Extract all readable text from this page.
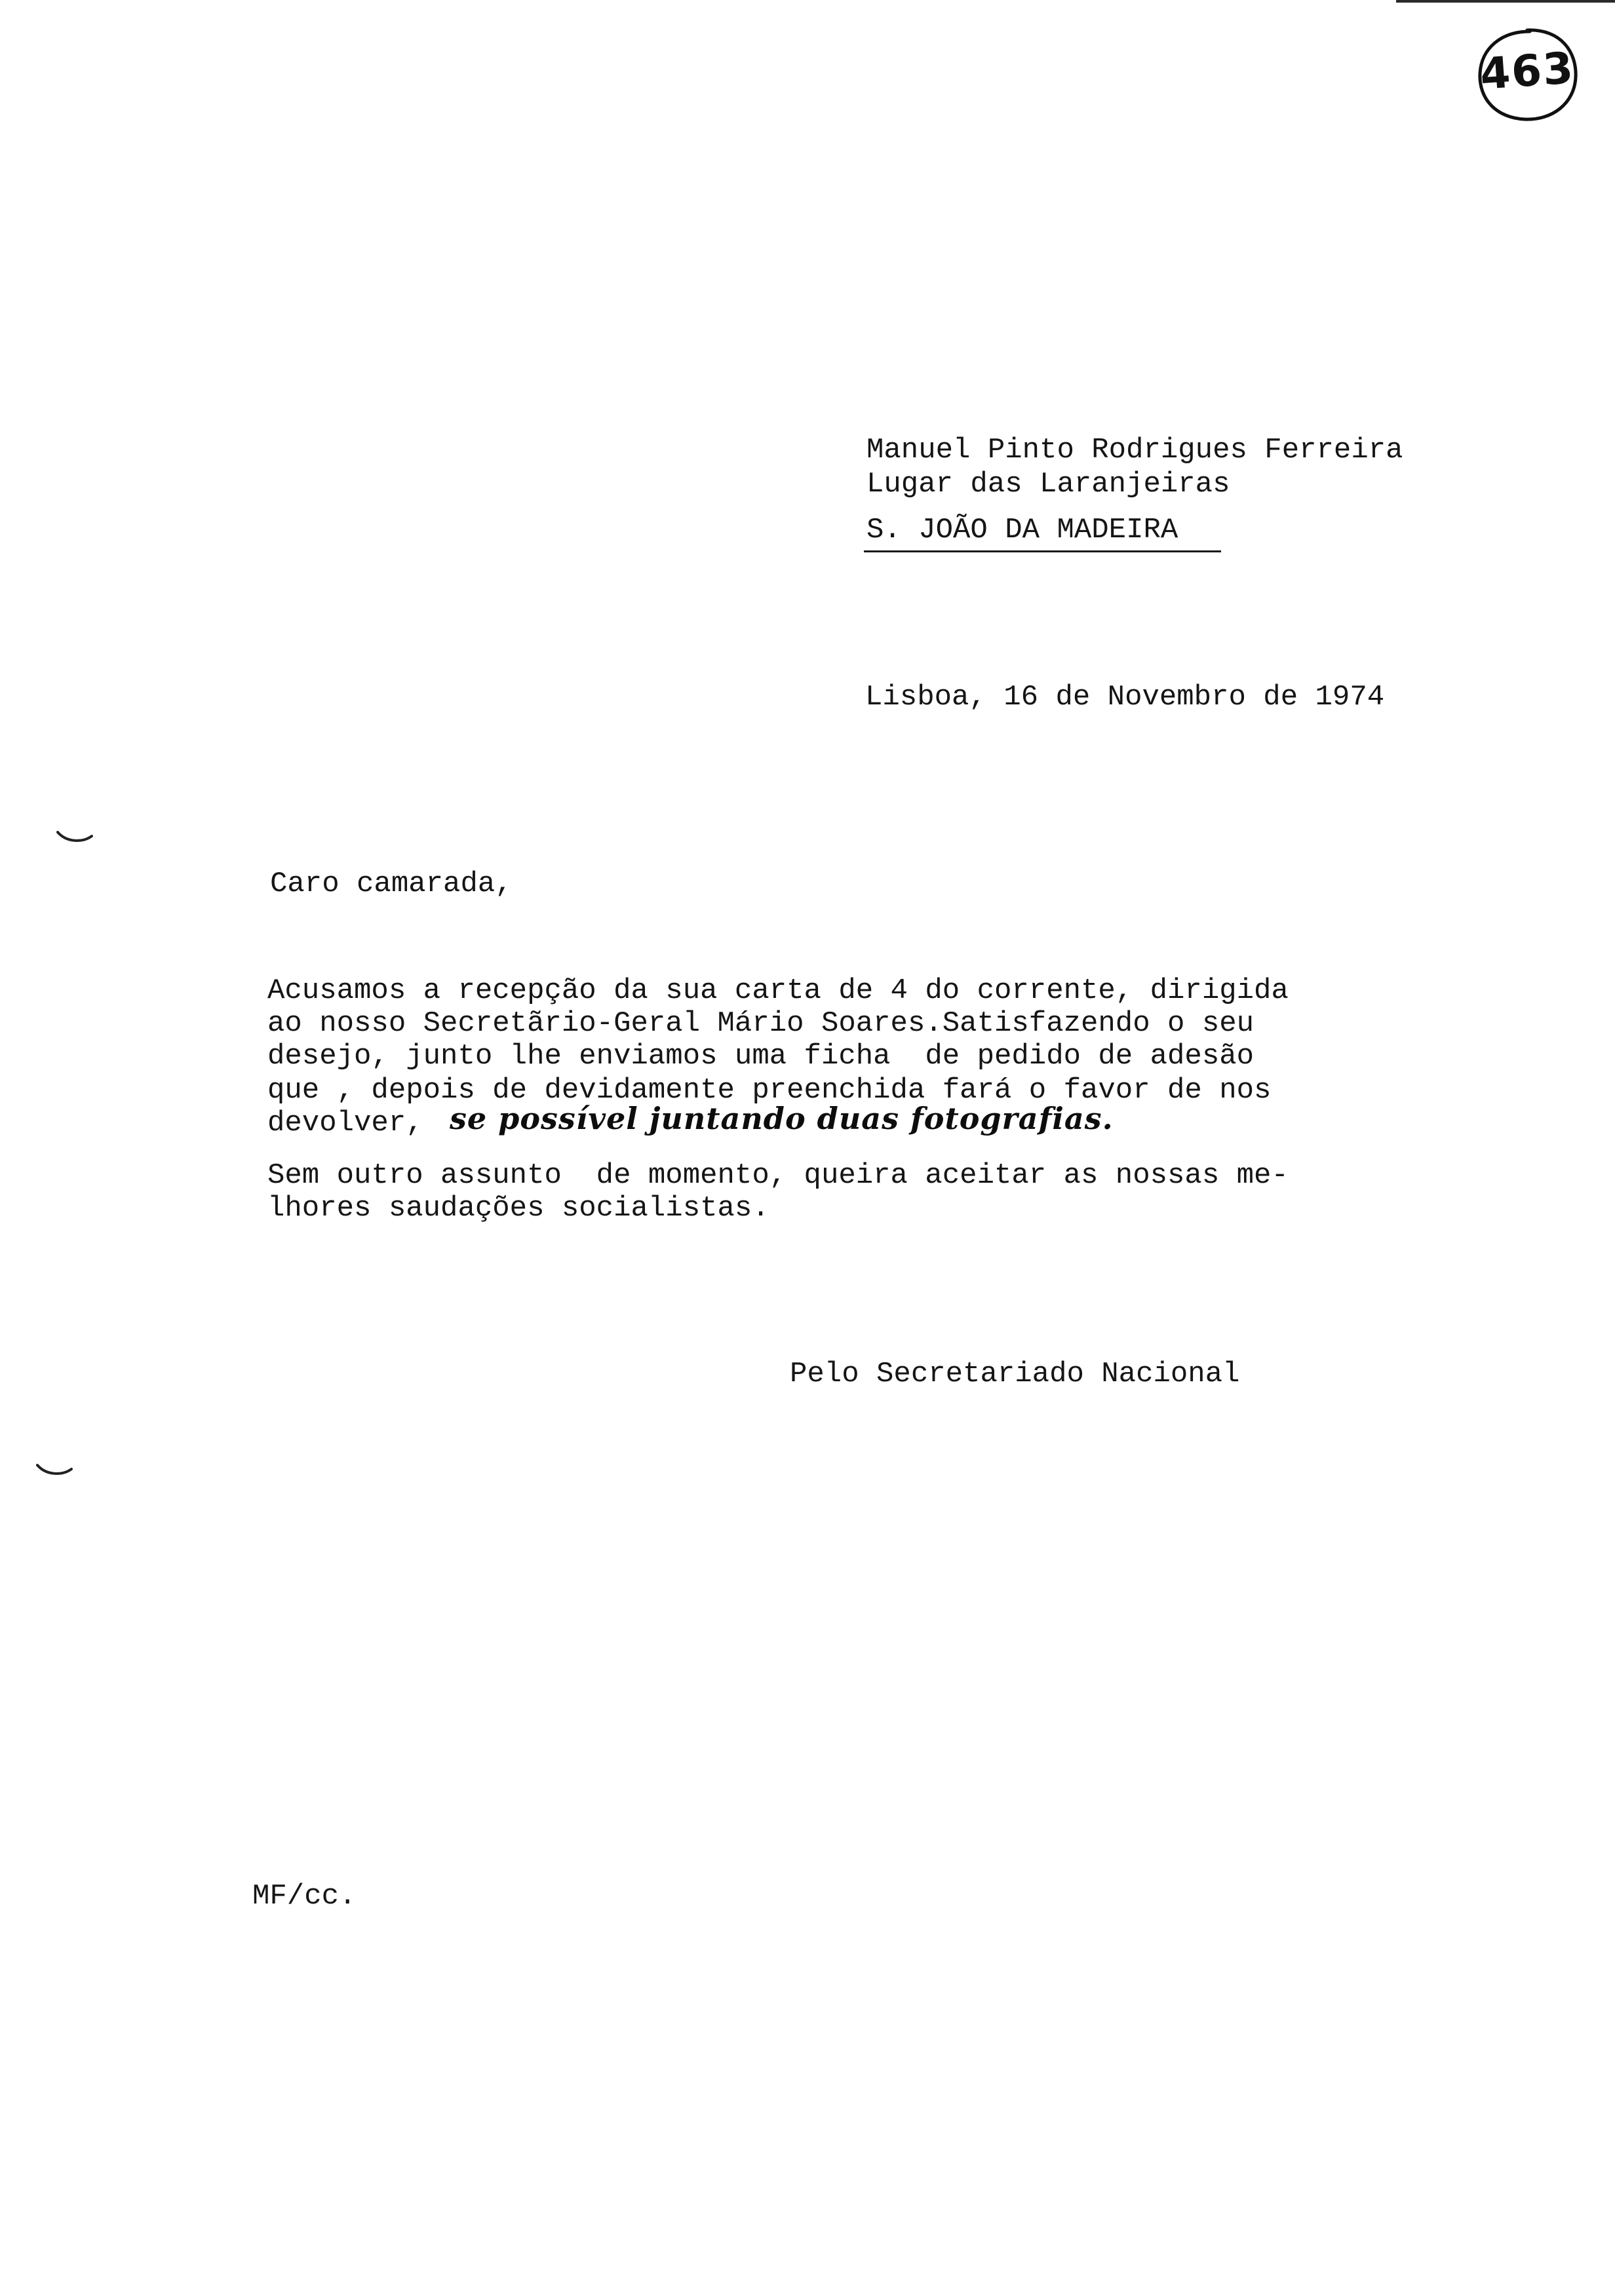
463
Manuel Pinto Rodrigues Ferreira
Lugar das Laranjeiras
S. JOÃO DA MADEIRA
Lisboa, 16 de Novembro de 1974
Caro camarada,
Acusamos a recepção da sua carta de 4 do corrente, dirigida
ao nosso Secretãrio-Geral Mário Soares.Satisfazendo o seu
desejo, junto lhe enviamos uma ficha  de pedido de adesão
que , depois de devidamente preenchida fará o favor de nos
devolver, se possível juntando duas fotografias.
Sem outro assunto  de momento, queira aceitar as nossas me-
lhores saudações socialistas.
Pelo Secretariado Nacional
MF/cc.
